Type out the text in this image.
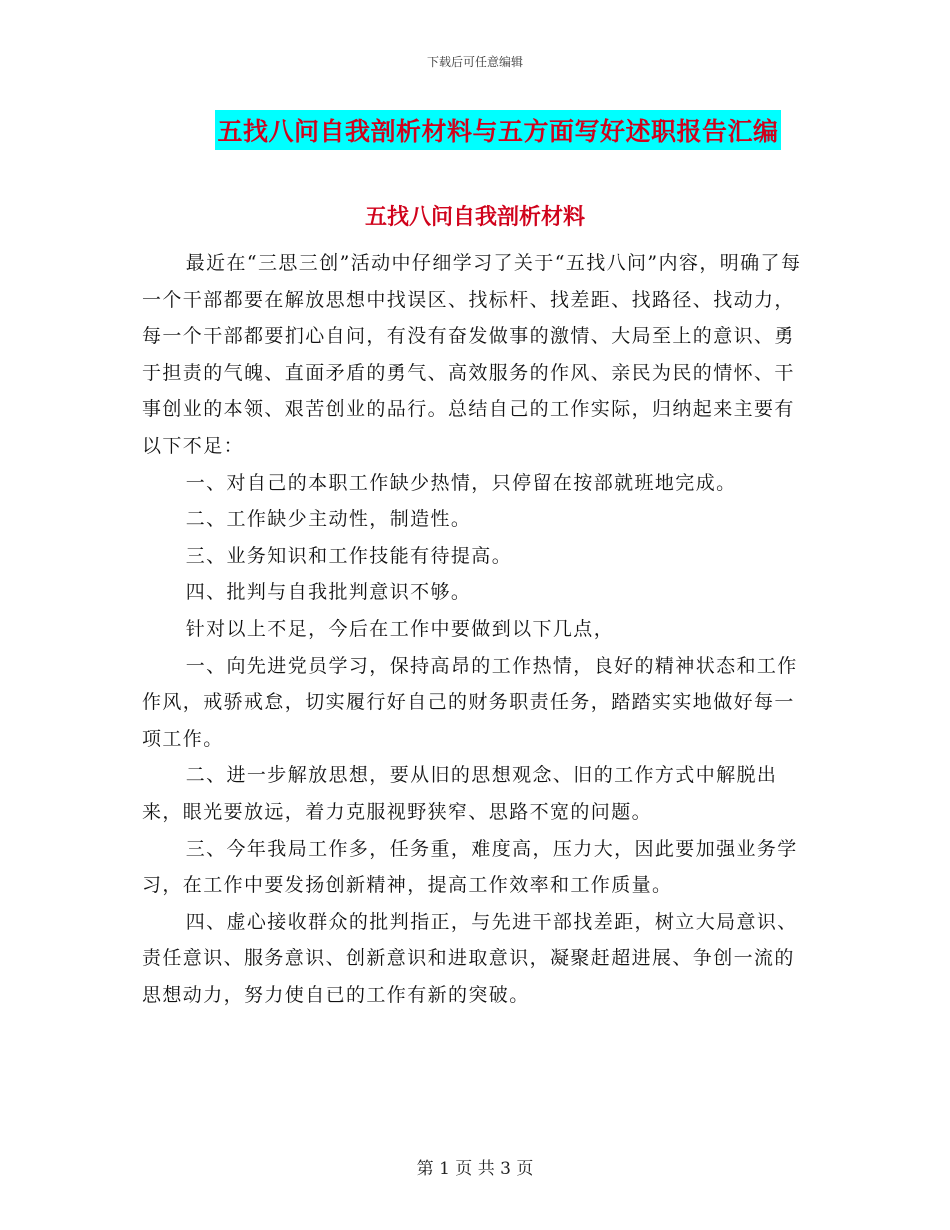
下载后可任意编辑
五找八问自我剖析材料与五方面写好述职报告汇编
五找八问自我剖析材料

最近在“三思三创”活动中仔细学习了关于“五找八问”内容，明确了每一个干部都要在解放思想中找误区、找标杆、找差距、找路径、找动力，每一个干部都要扪心自问，有没有奋发做事的激情、大局至上的意识、勇于担责的气魄、直面矛盾的勇气、高效服务的作风、亲民为民的情怀、干事创业的本领、艰苦创业的品行。总结自己的工作实际，归纳起来主要有以下不足：

一、对自己的本职工作缺少热情，只停留在按部就班地完成。

二、工作缺少主动性，制造性。

三、业务知识和工作技能有待提高。

四、批判与自我批判意识不够。

针对以上不足，今后在工作中要做到以下几点，

一、向先进党员学习，保持高昂的工作热情，良好的精神状态和工作作风，戒骄戒怠，切实履行好自己的财务职责任务，踏踏实实地做好每一项工作。

二、进一步解放思想，要从旧的思想观念、旧的工作方式中解脱出来，眼光要放远，着力克服视野狭窄、思路不宽的问题。

三、今年我局工作多，任务重，难度高，压力大，因此要加强业务学习，在工作中要发扬创新精神，提高工作效率和工作质量。

四、虚心接收群众的批判指正，与先进干部找差距，树立大局意识、责任意识、服务意识、创新意识和进取意识，凝聚赶超进展、争创一流的思想动力，努力使自已的工作有新的突破。

第 1 页 共 3 页
